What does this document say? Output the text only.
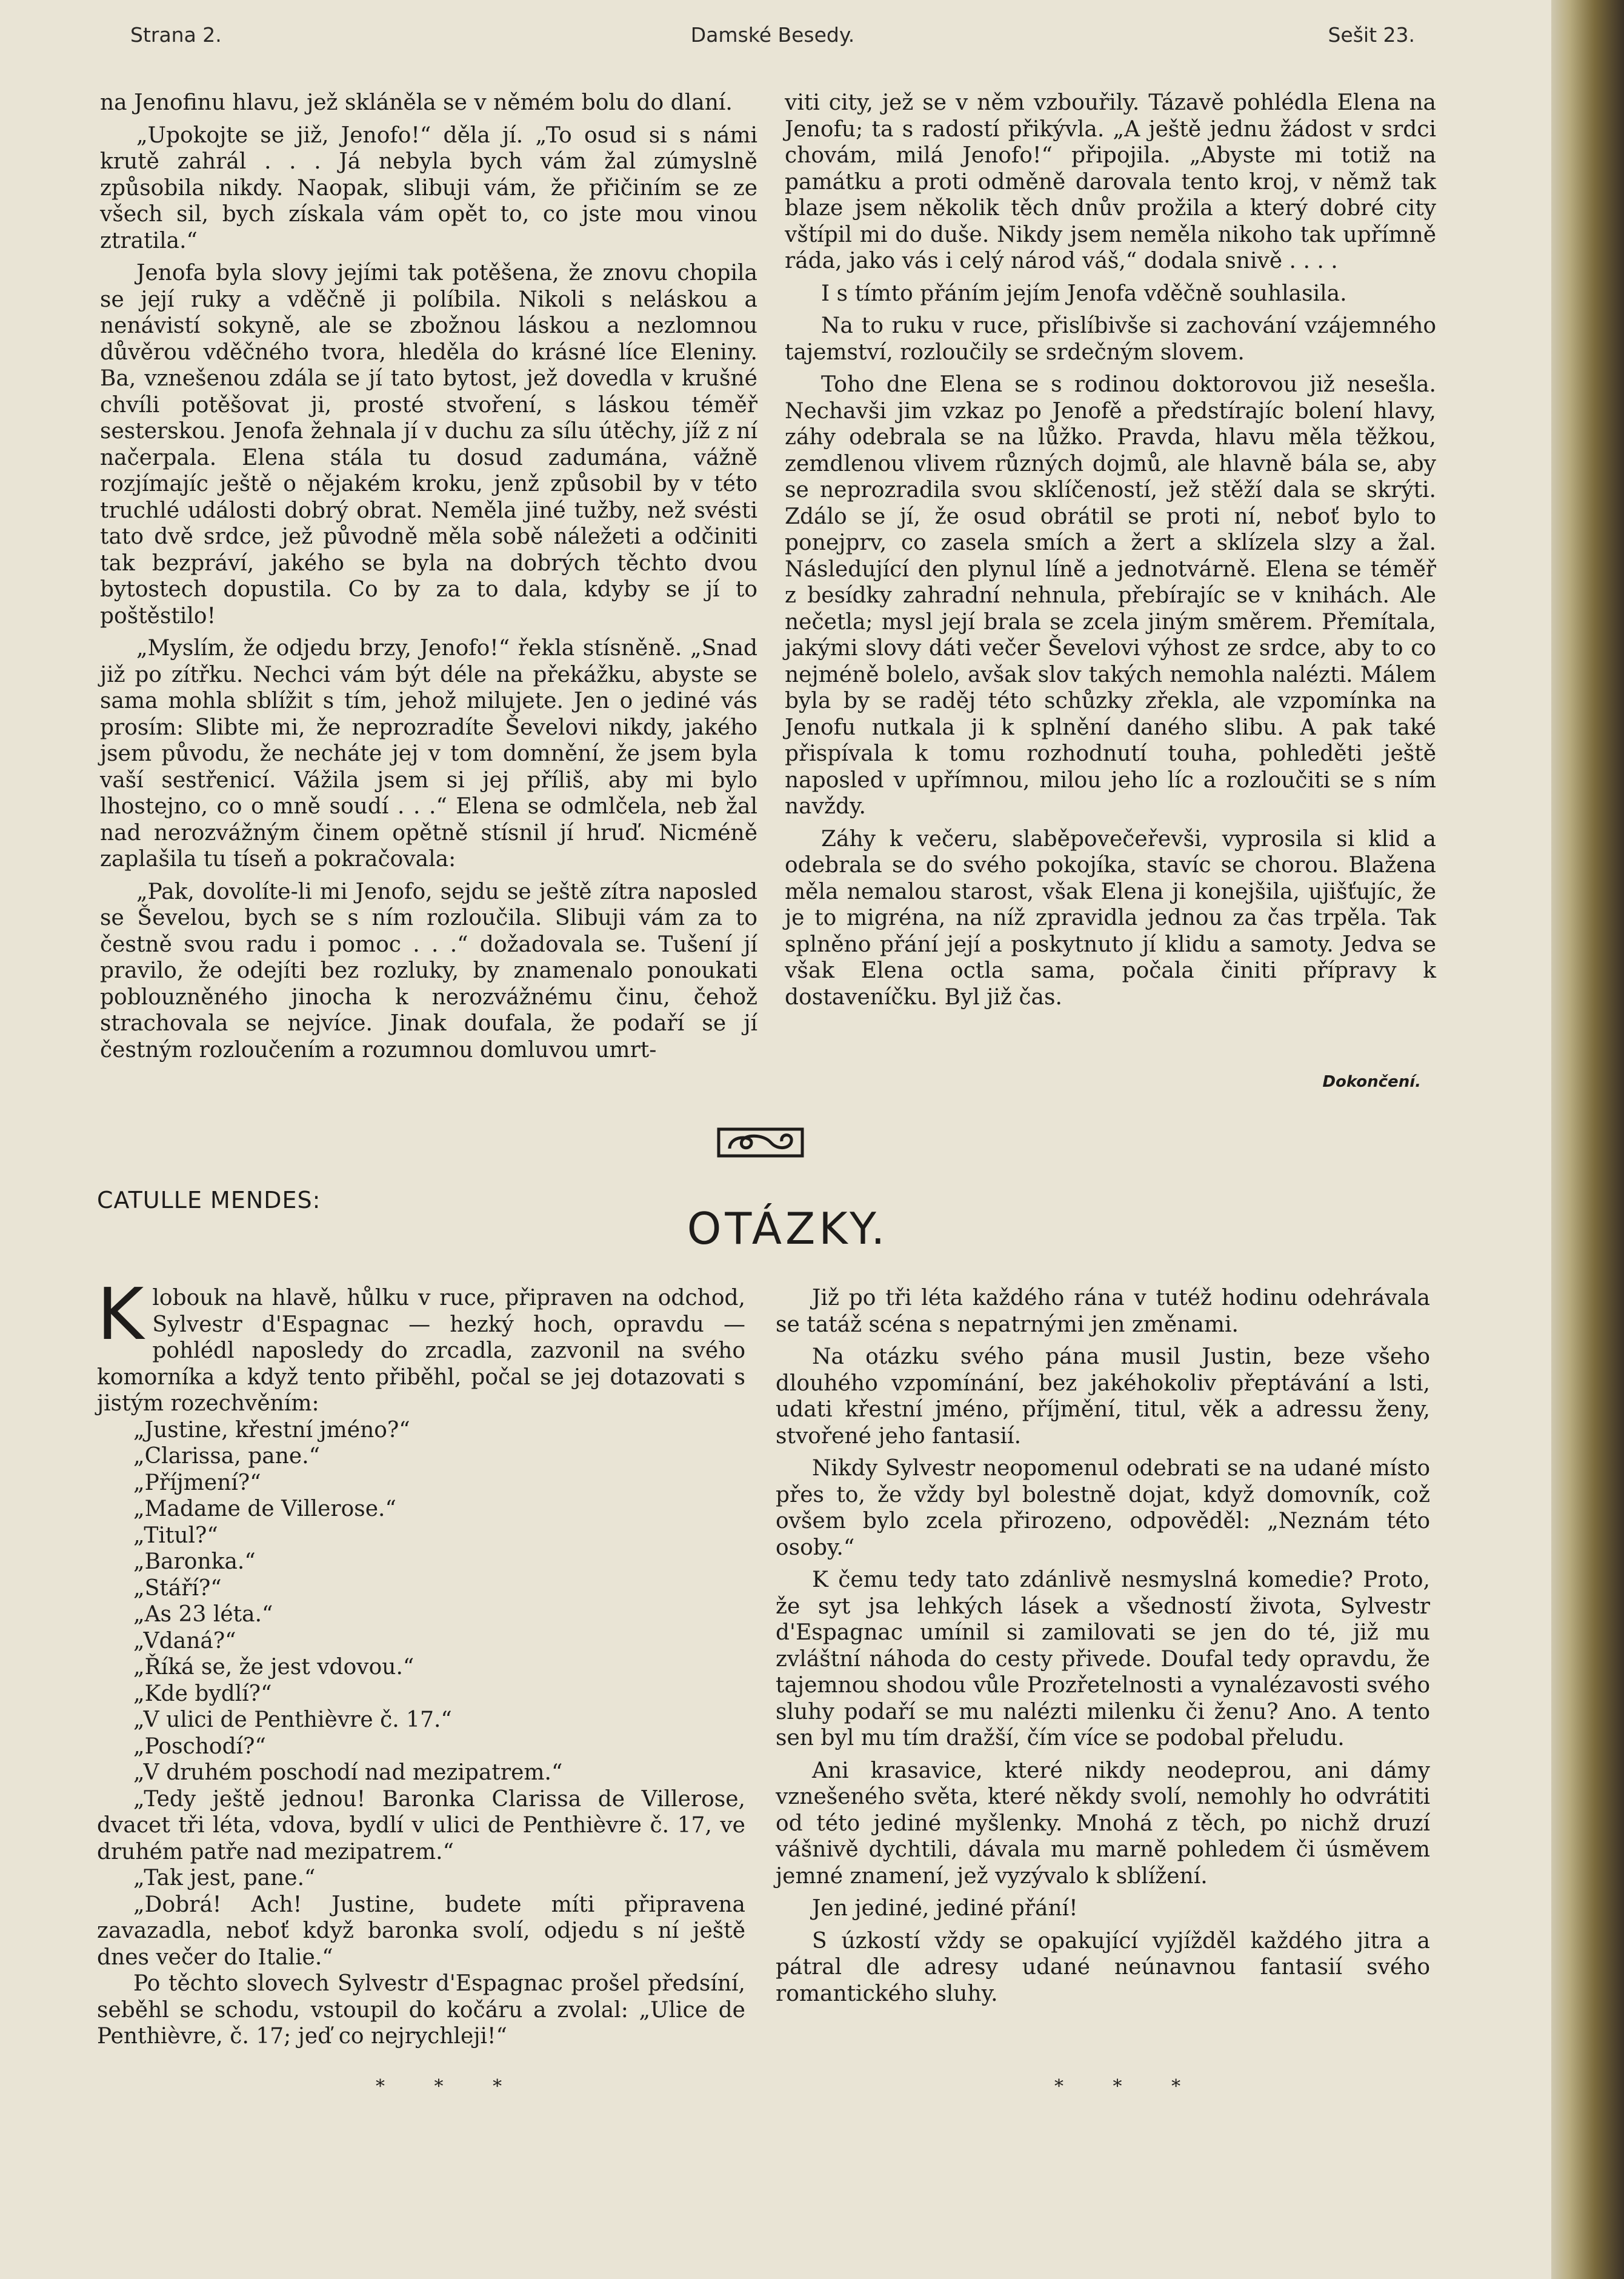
Strana 2.	Damské Besedy.	Sešit 23.

na Jenofinu hlavu, jež skláněla se v němém bolu do dlaní.

„Upokojte se již, Jenofo!“ děla jí. „To osud si s námi krutě zahrál . . . Já nebyla bych vám žal zúmyslně způsobila nikdy. Naopak, slibuji vám, že přičiním se ze všech sil, bych získala vám opět to, co jste mou vinou ztratila.“

Jenofa byla slovy jejími tak potěšena, že znovu chopila se její ruky a vděčně ji políbila. Nikoli s neláskou a nenávistí sokyně, ale se zbožnou láskou a nezlomnou důvěrou vděčného tvora, hleděla do krásné líce Eleniny. Ba, vznešenou zdála se jí tato bytost, jež dovedla v krušné chvíli potěšovat ji, prosté stvoření, s láskou téměř sesterskou. Jenofa žehnala jí v duchu za sílu útěchy, jíž z ní načerpala. Elena stála tu dosud zadumána, vážně rozjímajíc ještě o nějakém kroku, jenž způsobil by v této truchlé události dobrý obrat. Neměla jiné tužby, než svésti tato dvě srdce, jež původně měla sobě náležeti a odčiniti tak bezpráví, jakého se byla na dobrých těchto dvou bytostech dopustila. Co by za to dala, kdyby se jí to poštěstilo!

„Myslím, že odjedu brzy, Jenofo!“ řekla stísněně. „Snad již po zítřku. Nechci vám být déle na překážku, abyste se sama mohla sblížit s tím, jehož milujete. Jen o jediné vás prosím: Slibte mi, že neprozradíte Ševelovi nikdy, jakého jsem původu, že necháte jej v tom domnění, že jsem byla vaší sestřenicí. Vážila jsem si jej příliš, aby mi bylo lhostejno, co o mně soudí . . .“ Elena se odmlčela, neb žal nad nerozvážným činem opětně stísnil jí hruď. Nicméně zaplašila tu tíseň a pokračovala:

„Pak, dovolíte-li mi Jenofo, sejdu se ještě zítra naposled se Ševelou, bych se s ním rozloučila. Slibuji vám za to čestně svou radu i pomoc . . .“ dožadovala se. Tušení jí pravilo, že odejíti bez rozluky, by znamenalo ponoukati poblouzněného jinocha k nerozvážnému činu, čehož strachovala se nejvíce. Jinak doufala, že podaří se jí čestným rozloučením a rozumnou domluvou umrt-

viti city, jež se v něm vzbouřily. Tázavě pohlédla Elena na Jenofu; ta s radostí přikývla. „A ještě jednu žádost v srdci chovám, milá Jenofo!“ připojila. „Abyste mi totiž na památku a proti odměně darovala tento kroj, v němž tak blaze jsem několik těch dnův prožila a který dobré city vštípil mi do duše. Nikdy jsem neměla nikoho tak upřímně ráda, jako vás i celý národ váš,“ dodala snivě . . . .

I s tímto přáním jejím Jenofa vděčně souhlasila.

Na to ruku v ruce, přislíbivše si zachování vzájemného tajemství, rozloučily se srdečným slovem.

Toho dne Elena se s rodinou doktorovou již nesešla. Nechavši jim vzkaz po Jenofě a předstírajíc bolení hlavy, záhy odebrala se na lůžko. Pravda, hlavu měla těžkou, zemdlenou vlivem různých dojmů, ale hlavně bála se, aby se neprozradila svou sklíčeností, jež stěží dala se skrýti. Zdálo se jí, že osud obrátil se proti ní, neboť bylo to ponejprv, co zasela smích a žert a sklízela slzy a žal. Následující den plynul líně a jednotvárně. Elena se téměř z besídky zahradní nehnula, přebírajíc se v knihách. Ale nečetla; mysl její brala se zcela jiným směrem. Přemítala, jakými slovy dáti večer Ševelovi výhost ze srdce, aby to co nejméně bolelo, avšak slov takých nemohla nalézti. Málem byla by se raděj této schůzky zřekla, ale vzpomínka na Jenofu nutkala ji k splnění daného slibu. A pak také přispívala k tomu rozhodnutí touha, pohleděti ještě naposled v upřímnou, milou jeho líc a rozloučiti se s ním navždy.

Záhy k večeru, slaběpovečeřevši, vyprosila si klid a odebrala se do svého pokojíka, stavíc se chorou. Blažena měla nemalou starost, však Elena ji konejšila, ujišťujíc, že je to migréna, na níž zpravidla jednou za čas trpěla. Tak splněno přání její a poskytnuto jí klidu a samoty. Jedva se však Elena octla sama, počala činiti přípravy k dostaveníčku. Byl již čas.

Dokončení.
CATULLE MENDES:
OTÁZKY.

Klobouk na hlavě, hůlku v ruce, připraven na odchod, Sylvestr d'Espagnac — hezký hoch, opravdu — pohlédl naposledy do zrcadla, zazvonil na svého komorníka a když tento přiběhl, počal se jej dotazovati s jistým rozechvěním:

„Justine, křestní jméno?“

„Clarissa, pane.“

„Příjmení?“

„Madame de Villerose.“

„Titul?“

„Baronka.“

„Stáří?“

„As 23 léta.“

„Vdaná?“

„Říká se, že jest vdovou.“

„Kde bydlí?“

„V ulici de Penthièvre č. 17.“

„Poschodí?“

„V druhém poschodí nad mezipatrem.“

„Tedy ještě jednou! Baronka Clarissa de Villerose, dvacet tři léta, vdova, bydlí v ulici de Penthièvre č. 17, ve druhém patře nad mezipatrem.“

„Tak jest, pane.“

„Dobrá! Ach! Justine, budete míti připravena zavazadla, neboť když baronka svolí, odjedu s ní ještě dnes večer do Italie.“

Po těchto slovech Sylvestr d'Espagnac prošel předsíní, seběhl se schodu, vstoupil do kočáru a zvolal: „Ulice de Penthièvre, č. 17; jeď co nejrychleji!“

* * *

Již po tři léta každého rána v tutéž hodinu odehrávala se tatáž scéna s nepatrnými jen změnami.

Na otázku svého pána musil Justin, beze všeho dlouhého vzpomínání, bez jakéhokoliv přeptávání a lsti, udati křestní jméno, příjmění, titul, věk a adressu ženy, stvořené jeho fantasií.

Nikdy Sylvestr neopomenul odebrati se na udané místo přes to, že vždy byl bolestně dojat, když domovník, což ovšem bylo zcela přirozeno, odpověděl: „Neznám této osoby.“

K čemu tedy tato zdánlivě nesmyslná komedie? Proto, že syt jsa lehkých lásek a všedností života, Sylvestr d'Espagnac umínil si zamilovati se jen do té, již mu zvláštní náhoda do cesty přivede. Doufal tedy opravdu, že tajemnou shodou vůle Prozřetelnosti a vynalézavosti svého sluhy podaří se mu nalézti milenku či ženu? Ano. A tento sen byl mu tím dražší, čím více se podobal přeludu.

Ani krasavice, které nikdy neodeprou, ani dámy vznešeného světa, které někdy svolí, nemohly ho odvrátiti od této jediné myšlenky. Mnohá z těch, po nichž druzí vášnivě dychtili, dávala mu marně pohledem či úsměvem jemné znamení, jež vyzývalo k sblížení.

Jen jediné, jediné přání!

S úzkostí vždy se opakující vyjížděl každého jitra a pátral dle adresy udané neúnavnou fantasií svého romantického sluhy.

* * *
